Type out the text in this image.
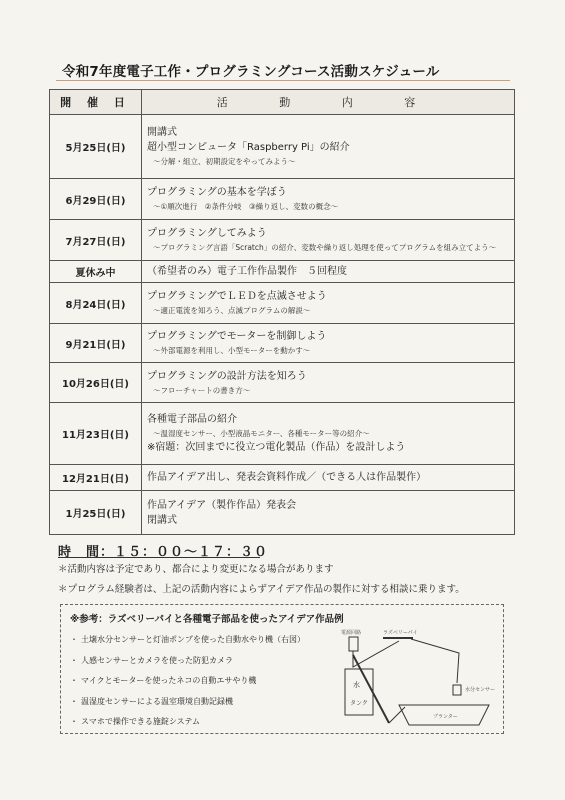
令和7年度電子工作・プログラミングコース活動スケジュール
開 催 日	活 動 内 容
5月25日(日)	開講式
超小型コンピュータ「Raspberry Pi」の紹介
～分解・組立、初期設定をやってみよう～

6月29日(日)	プログラミングの基本を学ぼう
～①順次進行　②条件分岐　③繰り返し、変数の概念～

7月27日(日)	プログラミングしてみよう
～プログラミング言語「Scratch」の紹介、変数や繰り返し処理を使ってプログラムを組み立てよう～

夏休み中	（希望者のみ）電子工作作品製作　５回程度

8月24日(日)	プログラミングでＬＥＤを点滅させよう
～適正電流を知ろう、点滅プログラムの解説～

9月21日(日)	プログラミングでモーターを制御しよう
～外部電源を利用し、小型モーターを動かす～

10月26日(日)	プログラミングの設計方法を知ろう
～フローチャートの書き方～

11月23日(日)	各種電子部品の紹介
～温湿度センサー、小型液晶モニター、各種モーター等の紹介～
※宿題：次回までに役立つ電化製品（作品）を設計しよう

12月21日(日)	作品アイデア出し、発表会資料作成／（できる人は作品製作）

1月25日(日)	作品アイデア（製作作品）発表会
閉講式
時　間：１５：００～１７：３０
＊活動内容は予定であり、都合により変更になる場合があります
＊プログラム経験者は、上記の活動内容によらずアイデア作品の製作に対する相談に乗ります。
※参考：ラズベリーパイと各種電子部品を使ったアイデア作品例
・ 土壌水分センサーと灯油ポンプを使った自動水やり機（右図）
・ 人感センサーとカメラを使った防犯カメラ
・ マイクとモーターを使ったネコの自動エサやり機
・ 温湿度センサーによる温室環境自動記録機
・ スマホで操作できる施錠システム
電源回路	ラズベリーパイ
水
タンク
水分センサー
プランター
